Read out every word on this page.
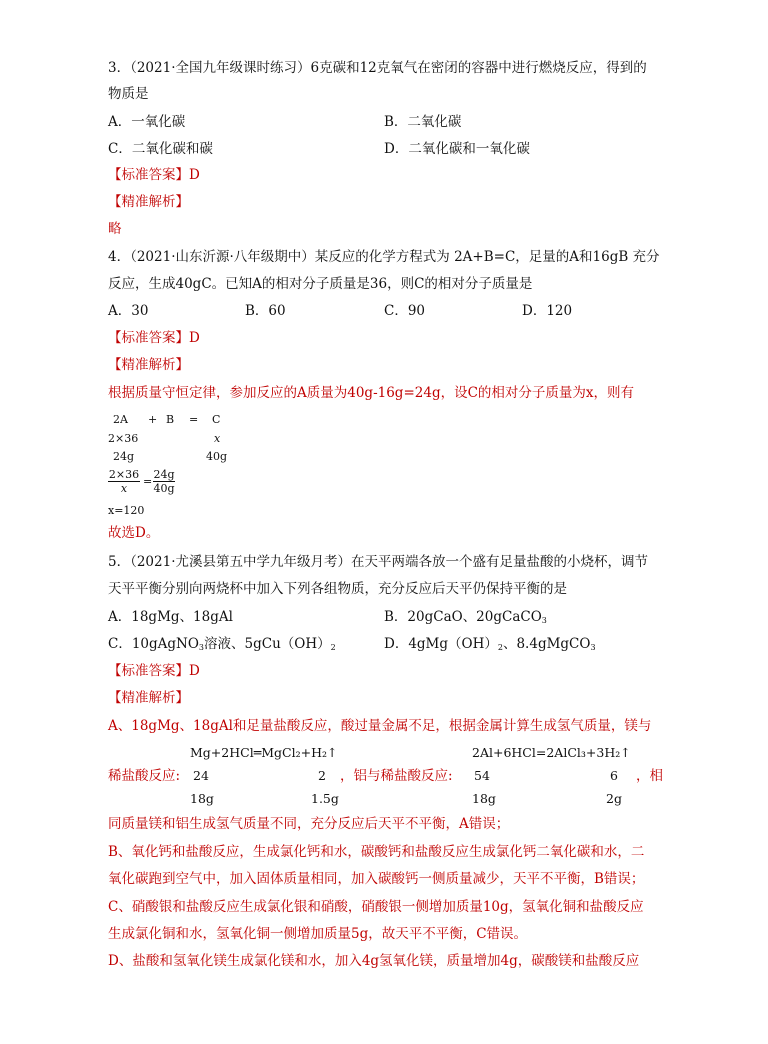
3．（2021·全国九年级课时练习）6克碳和12克氧气在密闭的容器中进行燃烧反应，得到的
物质是
A．一氧化碳	B．二氧化碳
C．二氧化碳和碳	D．二氧化碳和一氧化碳
【标准答案】D
【精准解析】
略
4．（2021·山东沂源·八年级期中）某反应的化学方程式为 2A+B=C，足量的A和16gB 充分
反应，生成40gC。已知A的相对分子质量是36，则C的相对分子质量是
A．30	B．60	C．90	D．120
【标准答案】D
【精准解析】
根据质量守恒定律，参加反应的A质量为40g-16g=24g，设C的相对分子质量为x，则有
2A + B = C
2×36	x
24g	40g
$\frac{2\times 36}{x} = \frac{24g}{40g}$
x=120
故选D。
5．（2021·尤溪县第五中学九年级月考）在天平两端各放一个盛有足量盐酸的小烧杯，调节
天平平衡分别向两烧杯中加入下列各组物质，充分反应后天平仍保持平衡的是
A．18gMg、18gAl	B．20gCaO、20gCaCO$_3$
C．10gAgNO$_3$溶液、$5gCu(OH)_2$	D．$4gMg(OH)_2$、8.4gMgCO$_3$
【标准答案】D
【精准解析】
A、18gMg、18gAl和足量盐酸反应，酸过量金属不足，根据金属计算生成氢气质量，镁与
Mg+2HCl═MgCl₂+H₂↑
24	2
18g	1.5g
稀盐酸反应:	，铝与稀盐酸反应:
2Al+6HCl=2AlCl₃+3H₂↑
54	6
18g	2g
，相
同质量镁和铝生成氢气质量不同，充分反应后天平不平衡，A错误；
B、氧化钙和盐酸反应，生成氯化钙和水，碳酸钙和盐酸反应生成氯化钙二氧化碳和水，二
氧化碳跑到空气中，加入固体质量相同，加入碳酸钙一侧质量减少，天平不平衡，B错误；
C、硝酸银和盐酸反应生成氯化银和硝酸，硝酸银一侧增加质量10g，氢氧化铜和盐酸反应
生成氯化铜和水，氢氧化铜一侧增加质量5g，故天平不平衡，C错误。
D、盐酸和氢氧化镁生成氯化镁和水，加入4g氢氧化镁，质量增加4g，碳酸镁和盐酸反应
